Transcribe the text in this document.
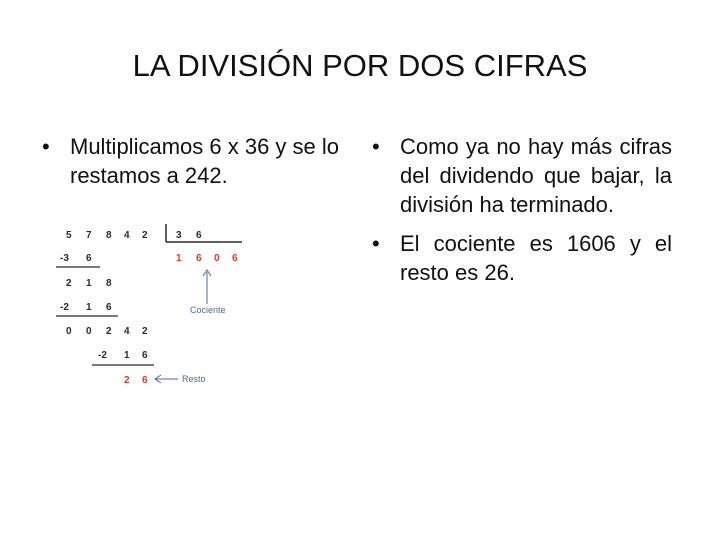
LA DIVISIÓN POR DOS CIFRAS
• Multiplicamos 6 x 36 y se lo restamos a 242.
5 7 8 4 2	3 6
-3 6	1 6 0 6
2 1 8
-2 1 6	Cociente
0 0 2 4 2
-2 1 6
2 6	Resto
• Como ya no hay más cifras del dividendo que bajar, la división ha terminado.
• El cociente es 1606 y el resto es 26.
